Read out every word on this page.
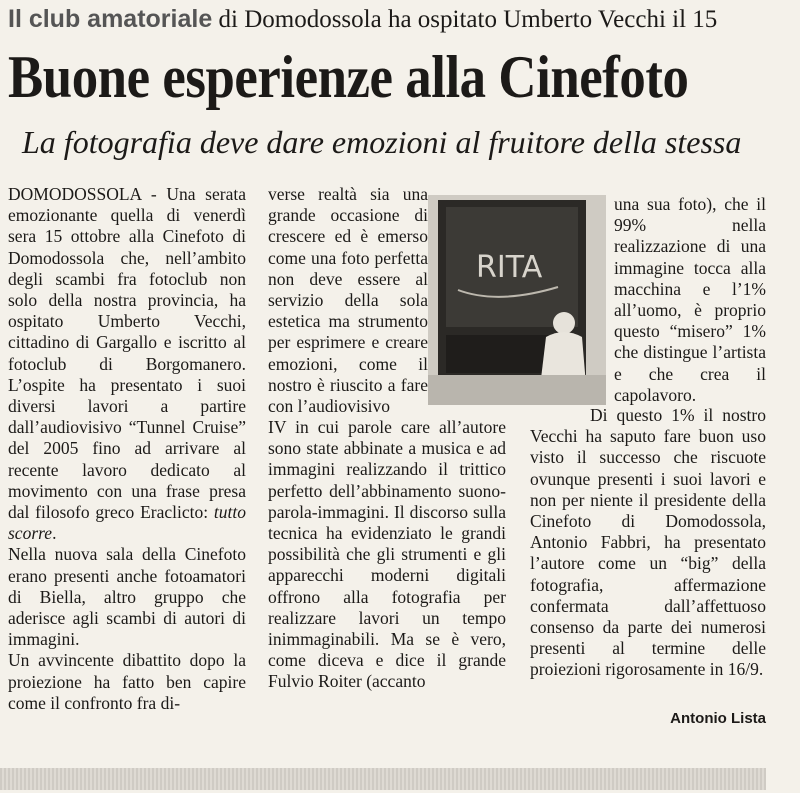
Il club amatoriale di Domodossola ha ospitato Umberto Vecchi il 15
Buone esperienze alla Cinefoto
La fotografia deve dare emozioni al fruitore della stessa

DOMODOSSOLA - Una serata emozionante quella di venerdì sera 15 ottobre alla Cinefoto di Domodossola che, nell’ambito degli scambi fra fotoclub non solo della nostra provincia, ha ospitato Umberto Vecchi, cittadino di Gargallo e iscritto al fotoclub di Borgomanero. L’ospite ha presentato i suoi diversi lavori a partire dall’audiovisivo “Tunnel Cruise” del 2005 fino ad arrivare al recente lavoro dedicato al movimento con una frase presa dal filosofo greco Eraclicto: tutto scorre.

Nella nuova sala della Cinefoto erano presenti anche fotoamatori di Biella, altro gruppo che aderisce agli scambi di autori di immagini.

Un avvincente dibattito dopo la proiezione ha fatto ben capire come il confronto fra di-

verse realtà sia una grande occasione di crescere ed è emerso come una foto perfetta non deve essere al servizio della sola estetica ma strumento per esprimere e creare emozioni, come il nostro è riuscito a fare con l’audiovisivo

IV in cui parole care all’autore sono state abbinate a musica e ad immagini realizzando il trittico perfetto dell’abbinamento suono-parola-immagini. Il discorso sulla tecnica ha evidenziato le grandi possibilità che gli strumenti e gli apparecchi moderni digitali offrono alla fotografia per realizzare lavori un tempo inimmaginabili. Ma se è vero, come diceva e dice il grande Fulvio Roiter (accanto

RITA

una sua foto), che il 99% nella realizzazione di una immagine tocca alla macchina e l’1% all’uomo, è proprio questo “misero” 1% che distingue l’artista e che crea il capolavoro.

Di questo 1% il nostro Vecchi ha saputo fare buon uso visto il successo che riscuote ovunque presenti i suoi lavori e non per niente il presidente della Cinefoto di Domodossola, Antonio Fabbri, ha presentato l’autore come un “big” della fotografia, affermazione confermata dall’affettuoso consenso da parte dei numerosi presenti al termine delle proiezioni rigorosamente in 16/9.

Antonio Lista
